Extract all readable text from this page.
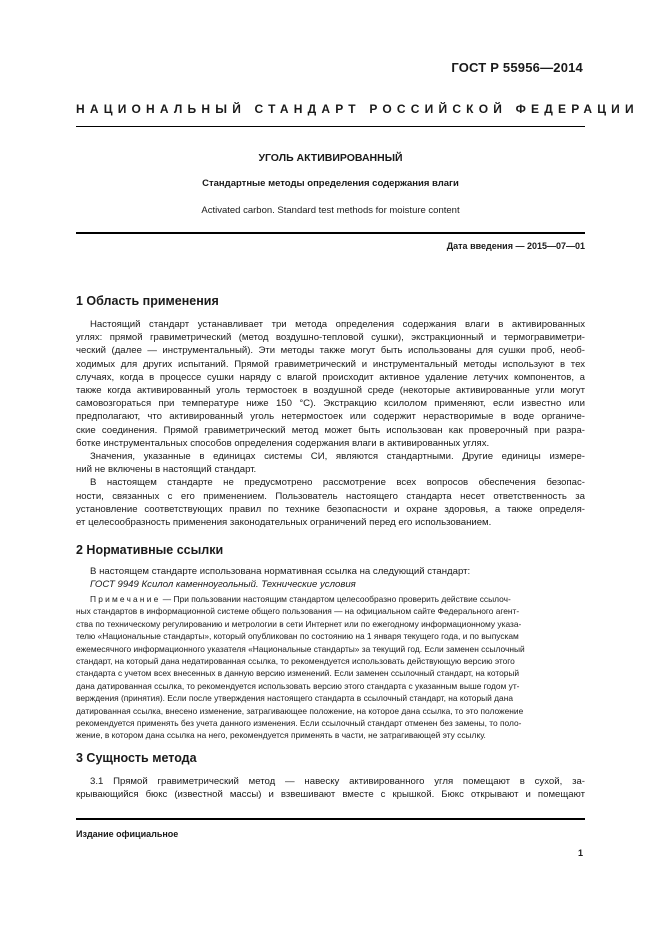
ГОСТ Р 55956—2014
НАЦИОНАЛЬНЫЙ СТАНДАРТ РОССИЙСКОЙ ФЕДЕРАЦИИ
УГОЛЬ АКТИВИРОВАННЫЙ
Стандартные методы определения содержания влаги
Activated carbon. Standard test methods for moisture content
Дата введения — 2015—07—01
1 Область применения
Настоящий стандарт устанавливает три метода определения содержания влаги в активированных
углях: прямой гравиметрический (метод воздушно-тепловой сушки), экстракционный и термогравиметри-
ческий (далее — инструментальный). Эти методы также могут быть использованы для сушки проб, необ-
ходимых для других испытаний. Прямой гравиметрический и инструментальный методы используют в тех
случаях, когда в процессе сушки наряду с влагой происходит активное удаление летучих компонентов, а
также когда активированный уголь термостоек в воздушной среде (некоторые активированные угли могут
самовозгораться при температуре ниже 150 °С). Экстракцию ксилолом применяют, если известно или
предполагают, что активированный уголь нетермостоек или содержит нерастворимые в воде органиче-
ские соединения. Прямой гравиметрический метод может быть использован как проверочный при разра-
ботке инструментальных способов определения содержания влаги в активированных углях.
Значения, указанные в единицах системы СИ, являются стандартными. Другие единицы измере-
ний не включены в настоящий стандарт.
В настоящем стандарте не предусмотрено рассмотрение всех вопросов обеспечения безопас-
ности, связанных с его применением. Пользователь настоящего стандарта несет ответственность за
установление соответствующих правил по технике безопасности и охране здоровья, а также определя-
ет целесообразность применения законодательных ограничений перед его использованием.
2 Нормативные ссылки
В настоящем стандарте использована нормативная ссылка на следующий стандарт:
ГОСТ 9949 Ксилол каменноугольный. Технические условия
Примечание — При пользовании настоящим стандартом целесообразно проверить действие ссылоч-
ных стандартов в информационной системе общего пользования — на официальном сайте Федерального агент-
ства по техническому регулированию и метрологии в сети Интернет или по ежегодному информационному указа-
телю «Национальные стандарты», который опубликован по состоянию на 1 января текущего года, и по выпускам
ежемесячного информационного указателя «Национальные стандарты» за текущий год. Если заменен ссылочный
стандарт, на который дана недатированная ссылка, то рекомендуется использовать действующую версию этого
стандарта с учетом всех внесенных в данную версию изменений. Если заменен ссылочный стандарт, на который
дана датированная ссылка, то рекомендуется использовать версию этого стандарта с указанным выше годом ут-
верждения (принятия). Если после утверждения настоящего стандарта в ссылочный стандарт, на который дана
датированная ссылка, внесено изменение, затрагивающее положение, на которое дана ссылка, то это положение
рекомендуется применять без учета данного изменения. Если ссылочный стандарт отменен без замены, то поло-
жение, в котором дана ссылка на него, рекомендуется применять в части, не затрагивающей эту ссылку.
3 Сущность метода
3.1 Прямой гравиметрический метод — навеску активированного угля помещают в сухой, за-
крывающийся бюкс (известной массы) и взвешивают вместе с крышкой. Бюкс открывают и помещают
Издание официальное
1
